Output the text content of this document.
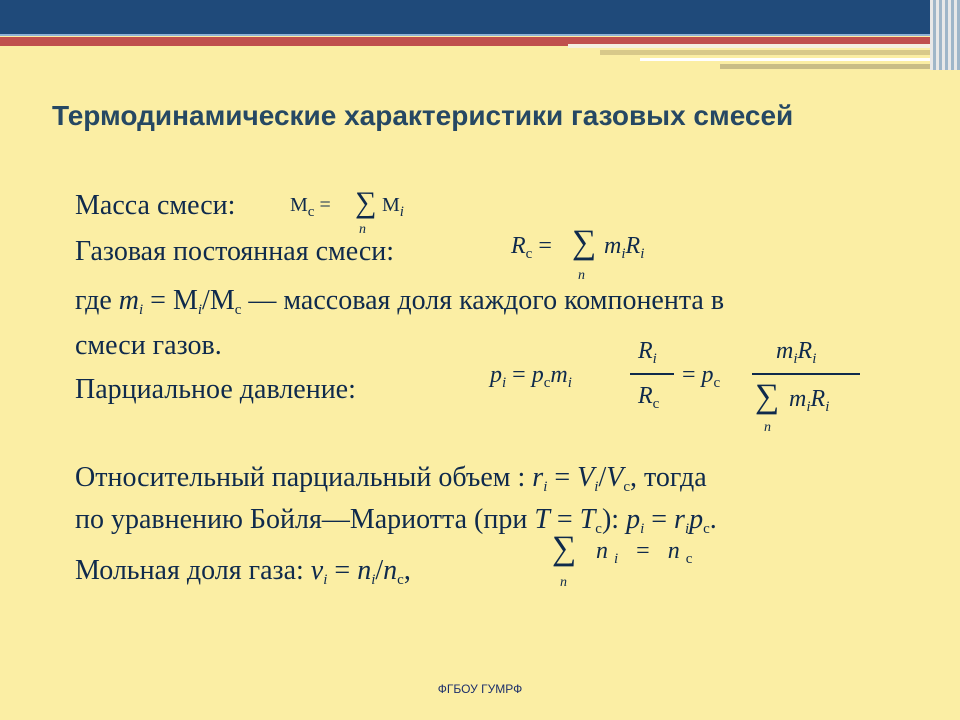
Термодинамические характеристики газовых смесей
Масса смеси:	$M_с$ = ∑
n
$M_i$
Газовая постоянная смеси:	$R_с$ = ∑
n
$m_iR_i$
где $m_i = M_i/M_с$ — массовая доля каждого компонента в
смеси газов.
Парциальное давление:	$p_i = p_сm_i$
$R_i$
$R_с$
= $p_с$
$m_iR_i$
∑
n
$m_iR_i$
Относительный парциальный объем : $r_i = V_i/V_с$, тогда
по уравнению Бойля—Мариотта (при $T = T_с$): $p_i = r_ip_с$.
Мольная доля газа: $\nu_i = n_i/n_с$,
∑
n
n $_i$ = n $_с$
ФГБОУ ГУМРФ
